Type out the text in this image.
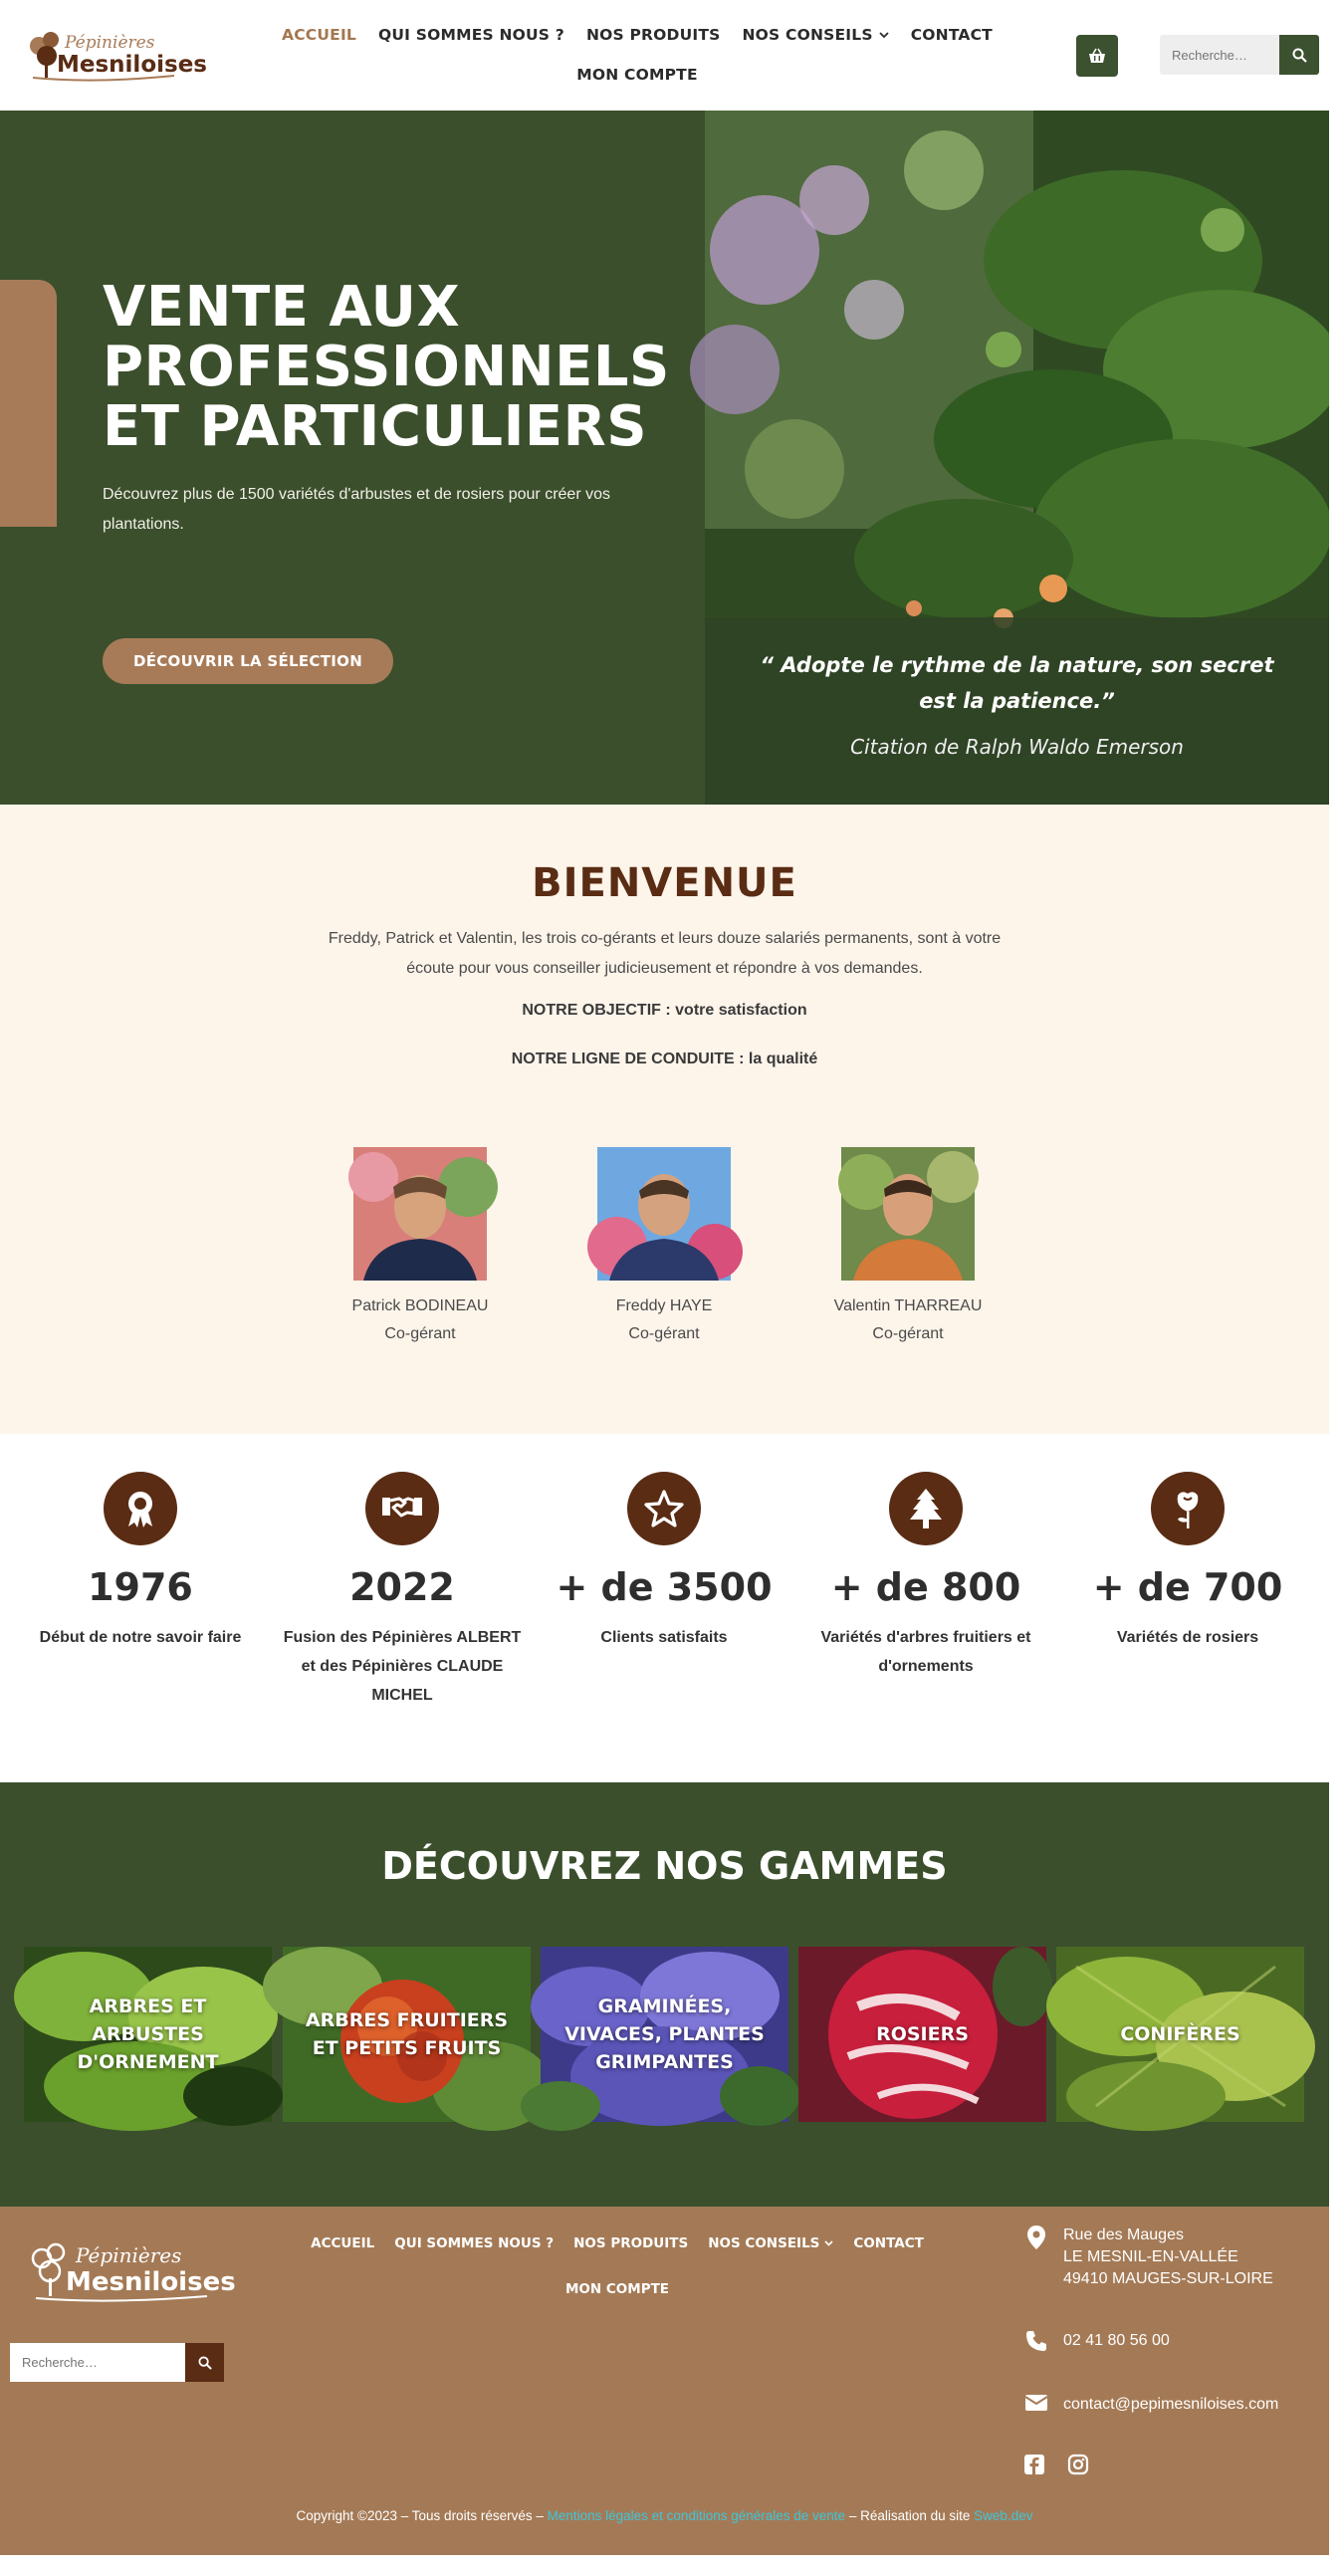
Pépinières
Mesniloises
ACCUEIL QUI SOMMES NOUS ? NOS PRODUITS NOS CONSEILS CONTACT
MON COMPTE
Recherche…
VENTE AUX PROFESSIONNELS ET PARTICULIERS

Découvrez plus de 1500 variétés d'arbustes et de rosiers pour créer vos plantations.

DÉCOUVRIR LA SÉLECTION	“ Adopte le rythme de la nature, son secret est la patience.”

Citation de Ralph Waldo Emerson

BIENVENUE

Freddy, Patrick et Valentin, les trois co-gérants et leurs douze salariés permanents, sont à votre écoute pour vous conseiller judicieusement et répondre à vos demandes.

NOTRE OBJECTIF : votre satisfaction

NOTRE LIGNE DE CONDUITE : la qualité

Patrick BODINEAU
Co-gérant
Freddy HAYE
Co-gérant
Valentin THARREAU
Co-gérant
1976
Début de notre savoir faire
2022
Fusion des Pépinières ALBERT et des Pépinières CLAUDE MICHEL
+ de 3500
Clients satisfaits
+ de 800
Variétés d'arbres fruitiers et d'ornements
+ de 700
Variétés de rosiers
DÉCOUVREZ NOS GAMMES
ARBRES ET ARBUSTES D'ORNEMENT
ARBRES FRUITIERS ET PETITS FRUITS
GRAMINÉES, VIVACES, PLANTES GRIMPANTES
ROSIERS	CONIFÈRES
Pépinières
Mesniloises
ACCUEIL QUI SOMMES NOUS ? NOS PRODUITS NOS CONSEILS	CONTACT
MON COMPTE
Recherche…
Rue des Mauges
LE MESNIL-EN-VALLÉE
49410 MAUGES-SUR-LOIRE
02 41 80 56 00
contact@pepimesniloises.com

Copyright ©2023 – Tous droits réservés – Mentions légales et conditions générales de vente – Réalisation du site Sweb.dev
